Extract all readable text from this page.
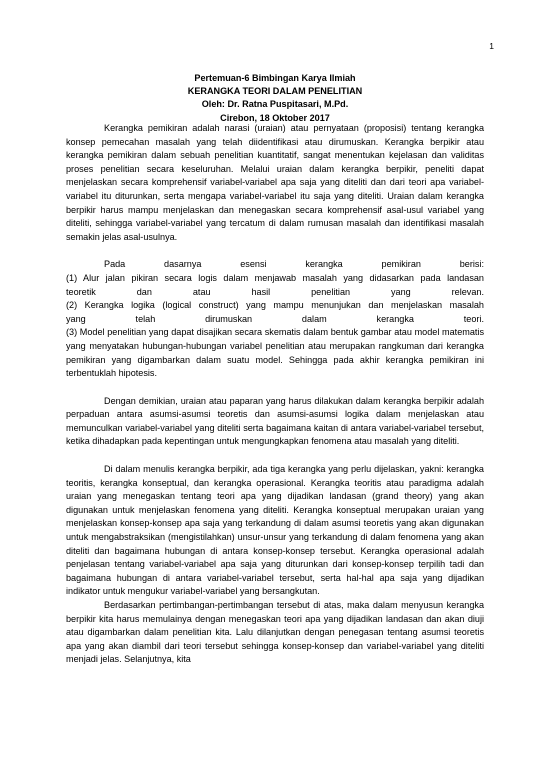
1
Pertemuan-6 Bimbingan Karya Ilmiah
KERANGKA TEORI DALAM PENELITIAN
Oleh: Dr. Ratna Puspitasari, M.Pd.
Cirebon, 18 Oktober 2017

Kerangka pemikiran adalah narasi (uraian) atau pernyataan (proposisi) tentang kerangka konsep pemecahan masalah yang telah diidentifikasi atau dirumuskan. Kerangka berpikir atau kerangka pemikiran dalam sebuah penelitian kuantitatif, sangat menentukan kejelasan dan validitas proses penelitian secara keseluruhan. Melalui uraian dalam kerangka berpikir, peneliti dapat menjelaskan secara komprehensif variabel-variabel apa saja yang diteliti dan dari teori apa variabel-variabel itu diturunkan, serta mengapa variabel-variabel itu saja yang diteliti. Uraian dalam kerangka berpikir harus mampu menjelaskan dan menegaskan secara komprehensif asal-usul variabel yang diteliti, sehingga variabel-variabel yang tercatum di dalam rumusan masalah dan identifikasi masalah semakin jelas asal-usulnya.

Pada dasarnya esensi kerangka pemikiran berisi:
(1) Alur jalan pikiran secara logis dalam menjawab masalah yang didasarkan pada landasan
teoretik dan atau hasil penelitian yang relevan.
(2) Kerangka logika (logical construct) yang mampu menunjukan dan menjelaskan masalah
yang telah dirumuskan dalam kerangka teori.

(3) Model penelitian yang dapat disajikan secara skematis dalam bentuk gambar atau model matematis yang menyatakan hubungan-hubungan variabel penelitian atau merupakan rangkuman dari kerangka pemikiran yang digambarkan dalam suatu model. Sehingga pada akhir kerangka pemikiran ini terbentuklah hipotesis.

Dengan demikian, uraian atau paparan yang harus dilakukan dalam kerangka berpikir adalah perpaduan antara asumsi-asumsi teoretis dan asumsi-asumsi logika dalam menjelaskan atau memunculkan variabel-variabel yang diteliti serta bagaimana kaitan di antara variabel-variabel tersebut, ketika dihadapkan pada kepentingan untuk mengungkapkan fenomena atau masalah yang diteliti.

Di dalam menulis kerangka berpikir, ada tiga kerangka yang perlu dijelaskan, yakni: kerangka teoritis, kerangka konseptual, dan kerangka operasional. Kerangka teoritis atau paradigma adalah uraian yang menegaskan tentang teori apa yang dijadikan landasan (grand theory) yang akan digunakan untuk menjelaskan fenomena yang diteliti. Kerangka konseptual merupakan uraian yang menjelaskan konsep-konsep apa saja yang terkandung di dalam asumsi teoretis yang akan digunakan untuk mengabstraksikan (mengistilahkan) unsur-unsur yang terkandung di dalam fenomena yang akan diteliti dan bagaimana hubungan di antara konsep-konsep tersebut. Kerangka operasional adalah penjelasan tentang variabel-variabel apa saja yang diturunkan dari konsep-konsep terpilih tadi dan bagaimana hubungan di antara variabel-variabel tersebut, serta hal-hal apa saja yang dijadikan indikator untuk mengukur variabel-variabel yang bersangkutan.

Berdasarkan pertimbangan-pertimbangan tersebut di atas, maka dalam menyusun kerangka berpikir kita harus memulainya dengan menegaskan teori apa yang dijadikan landasan dan akan diuji atau digambarkan dalam penelitian kita. Lalu dilanjutkan dengan penegasan tentang asumsi teoretis apa yang akan diambil dari teori tersebut sehingga konsep-konsep dan variabel-variabel yang diteliti menjadi jelas. Selanjutnya, kita
